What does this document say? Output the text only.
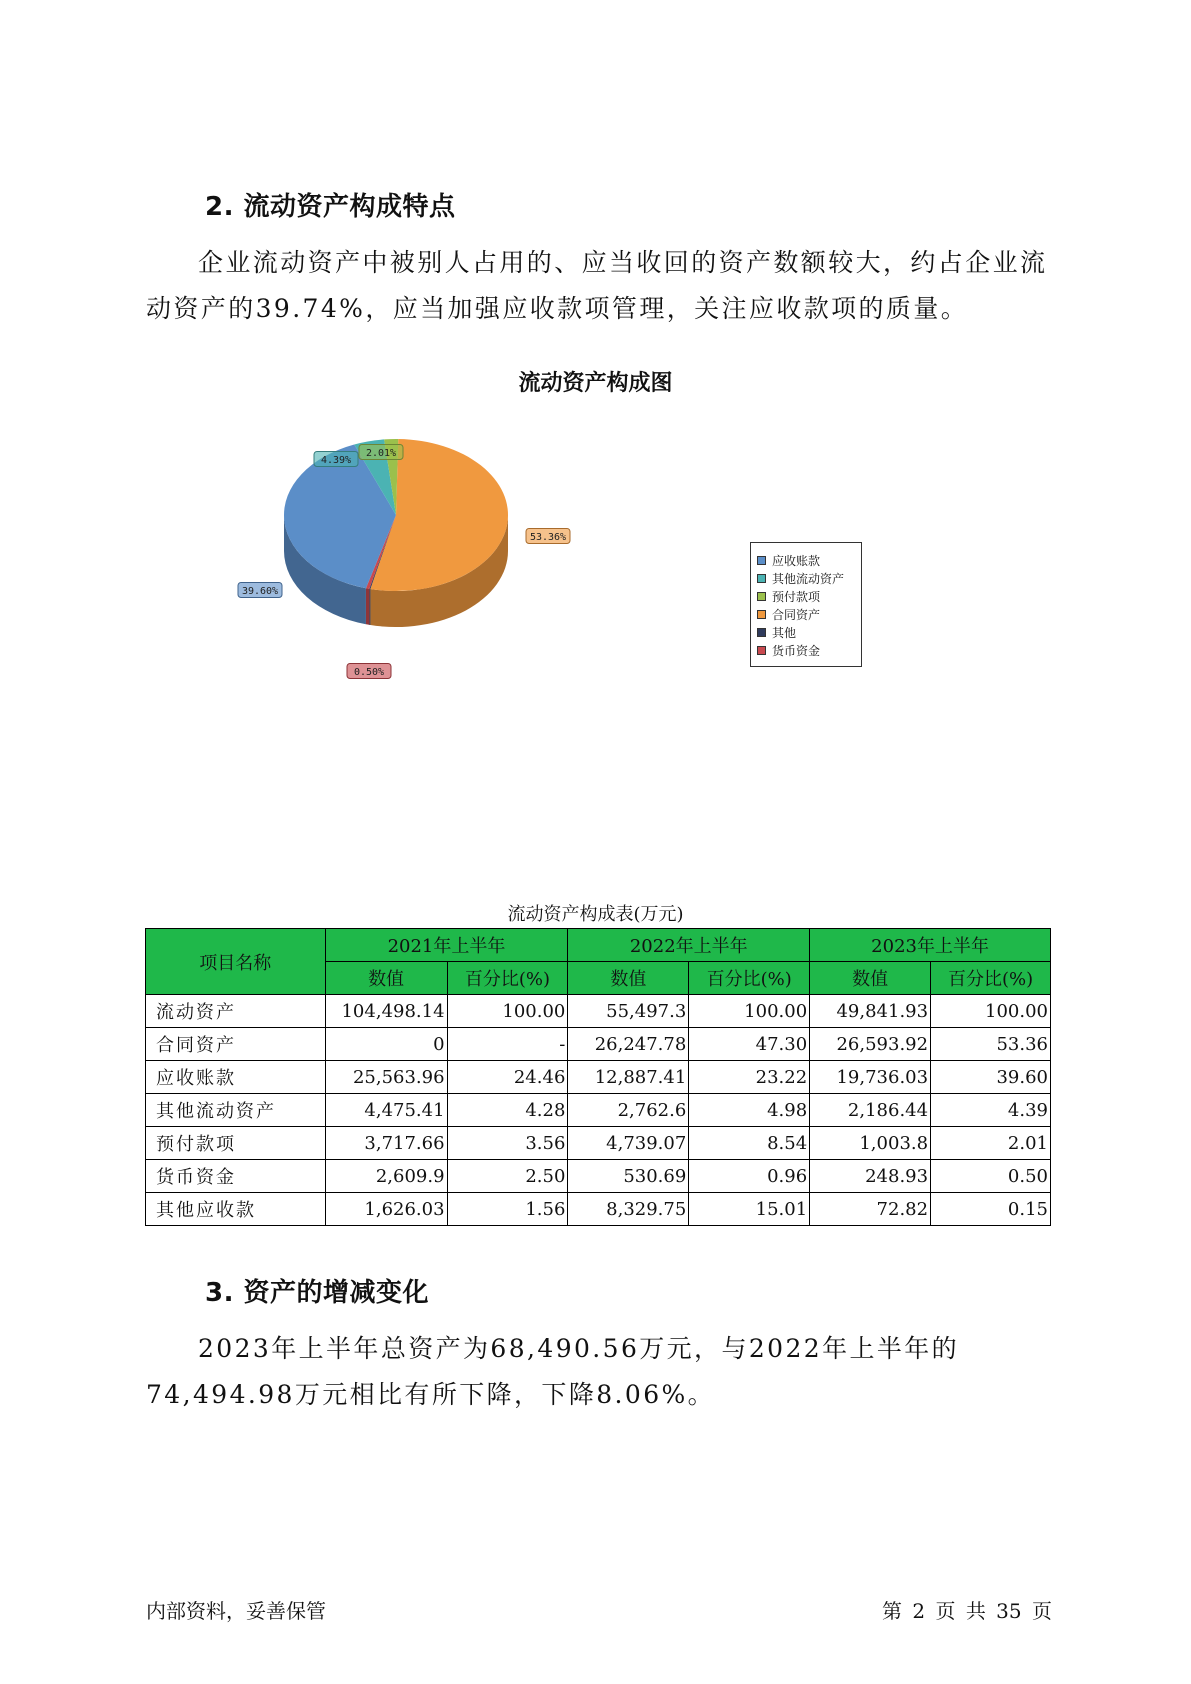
2. 流动资产构成特点
企业流动资产中被别人占用的、应当收回的资产数额较大，约占企业流动资产的39.74%，应当加强应收款项管理，关注应收款项的质量。
流动资产构成图
53.36%
0.50%
39.60%
4.39%
2.01%
应收账款
其他流动资产
预付款项
合同资产
其他
货币资金
流动资产构成表(万元)
项目名称	2021年上半年		2022年上半年		2023年上半年	
	数值	百分比(%)	数值	百分比(%)	数值	百分比(%)
流动资产	104,498.14	100.00	55,497.3	100.00	49,841.93	100.00
合同资产	0	-	26,247.78	47.30	26,593.92	53.36
应收账款	25,563.96	24.46	12,887.41	23.22	19,736.03	39.60
其他流动资产	4,475.41	4.28	2,762.6	4.98	2,186.44	4.39
预付款项	3,717.66	3.56	4,739.07	8.54	1,003.8	2.01
货币资金	2,609.9	2.50	530.69	0.96	248.93	0.50
其他应收款	1,626.03	1.56	8,329.75	15.01	72.82	0.15
3. 资产的增减变化
2023年上半年总资产为68,490.56万元，与2022年上半年的74,494.98万元相比有所下降，下降8.06%。
内部资料，妥善保管	第 2 页 共 35 页
